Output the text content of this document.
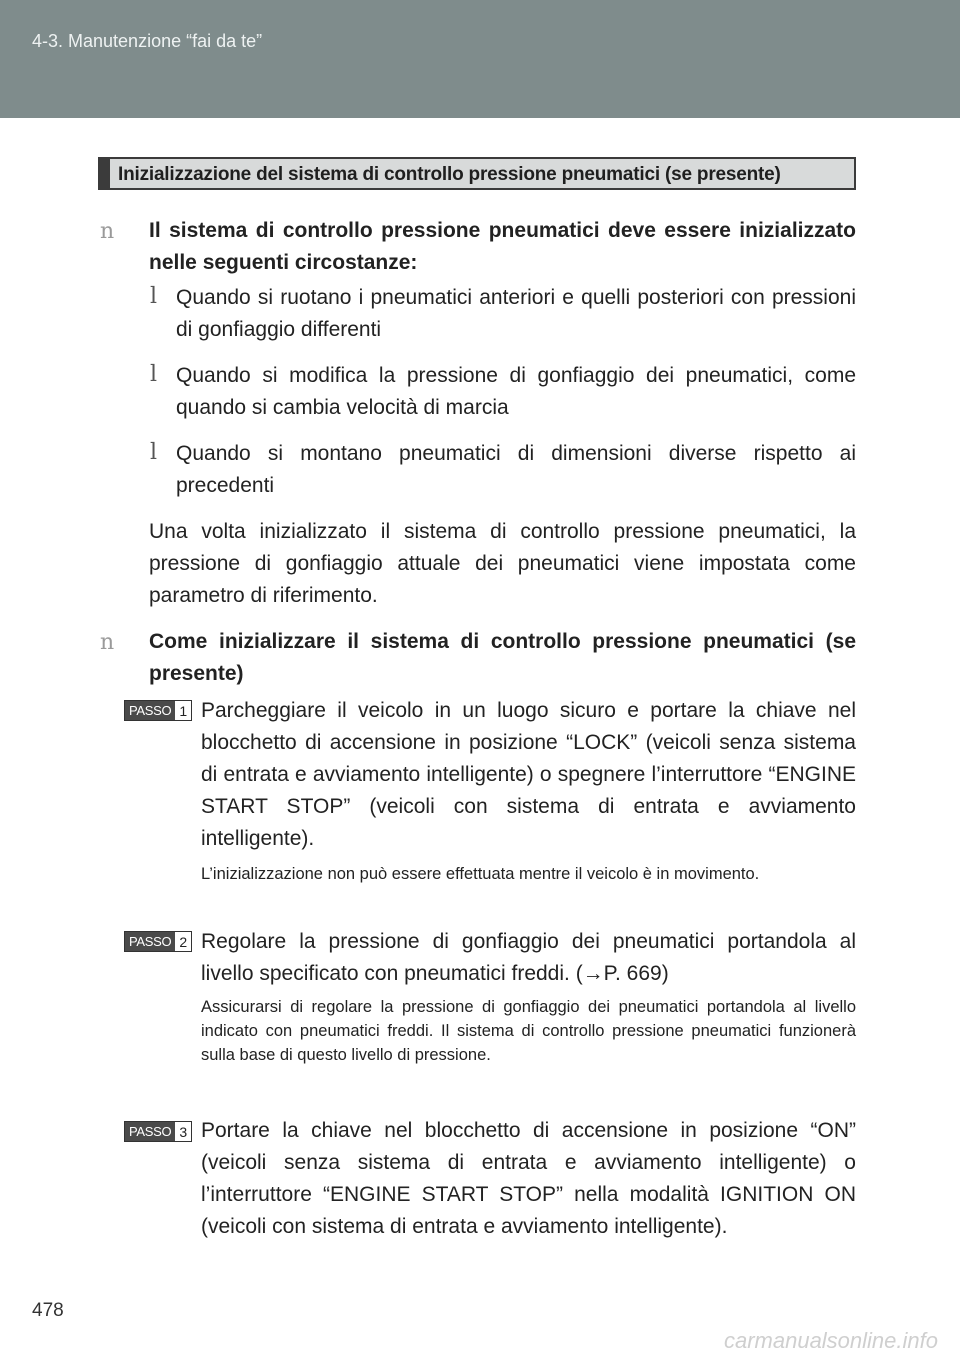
4-3. Manutenzione “fai da te”
Inizializzazione del sistema di controllo pressione pneumatici (se presente)
n Il sistema di controllo pressione pneumatici deve essere inizializzato nelle seguenti circostanze:
l Quando si ruotano i pneumatici anteriori e quelli posteriori con pressioni di gonfiaggio differenti
l Quando si modifica la pressione di gonfiaggio dei pneumatici, come quando si cambia velocità di marcia
l Quando si montano pneumatici di dimensioni diverse rispetto ai precedenti
Una volta inizializzato il sistema di controllo pressione pneumatici, la pressione di gonfiaggio attuale dei pneumatici viene impostata come parametro di riferimento.
n Come inizializzare il sistema di controllo pressione pneumatici (se presente)
PASSO 1 Parcheggiare il veicolo in un luogo sicuro e portare la chiave nel blocchetto di accensione in posizione “LOCK” (veicoli senza sistema di entrata e avviamento intelligente) o spegnere l’interruttore “ENGINE START STOP” (veicoli con sistema di entrata e avviamento intelligente).
L’inizializzazione non può essere effettuata mentre il veicolo è in movimento.
PASSO 2 Regolare la pressione di gonfiaggio dei pneumatici portandola al livello specificato con pneumatici freddi. (→P. 669)
Assicurarsi di regolare la pressione di gonfiaggio dei pneumatici portandola al livello indicato con pneumatici freddi. Il sistema di controllo pressione pneumatici funzionerà sulla base di questo livello di pressione.
PASSO 3 Portare la chiave nel blocchetto di accensione in posizione “ON” (veicoli senza sistema di entrata e avviamento intelligente) o l’interruttore “ENGINE START STOP” nella modalità IGNITION ON (veicoli con sistema di entrata e avviamento intelligente).
478
carmanualsonline.info
